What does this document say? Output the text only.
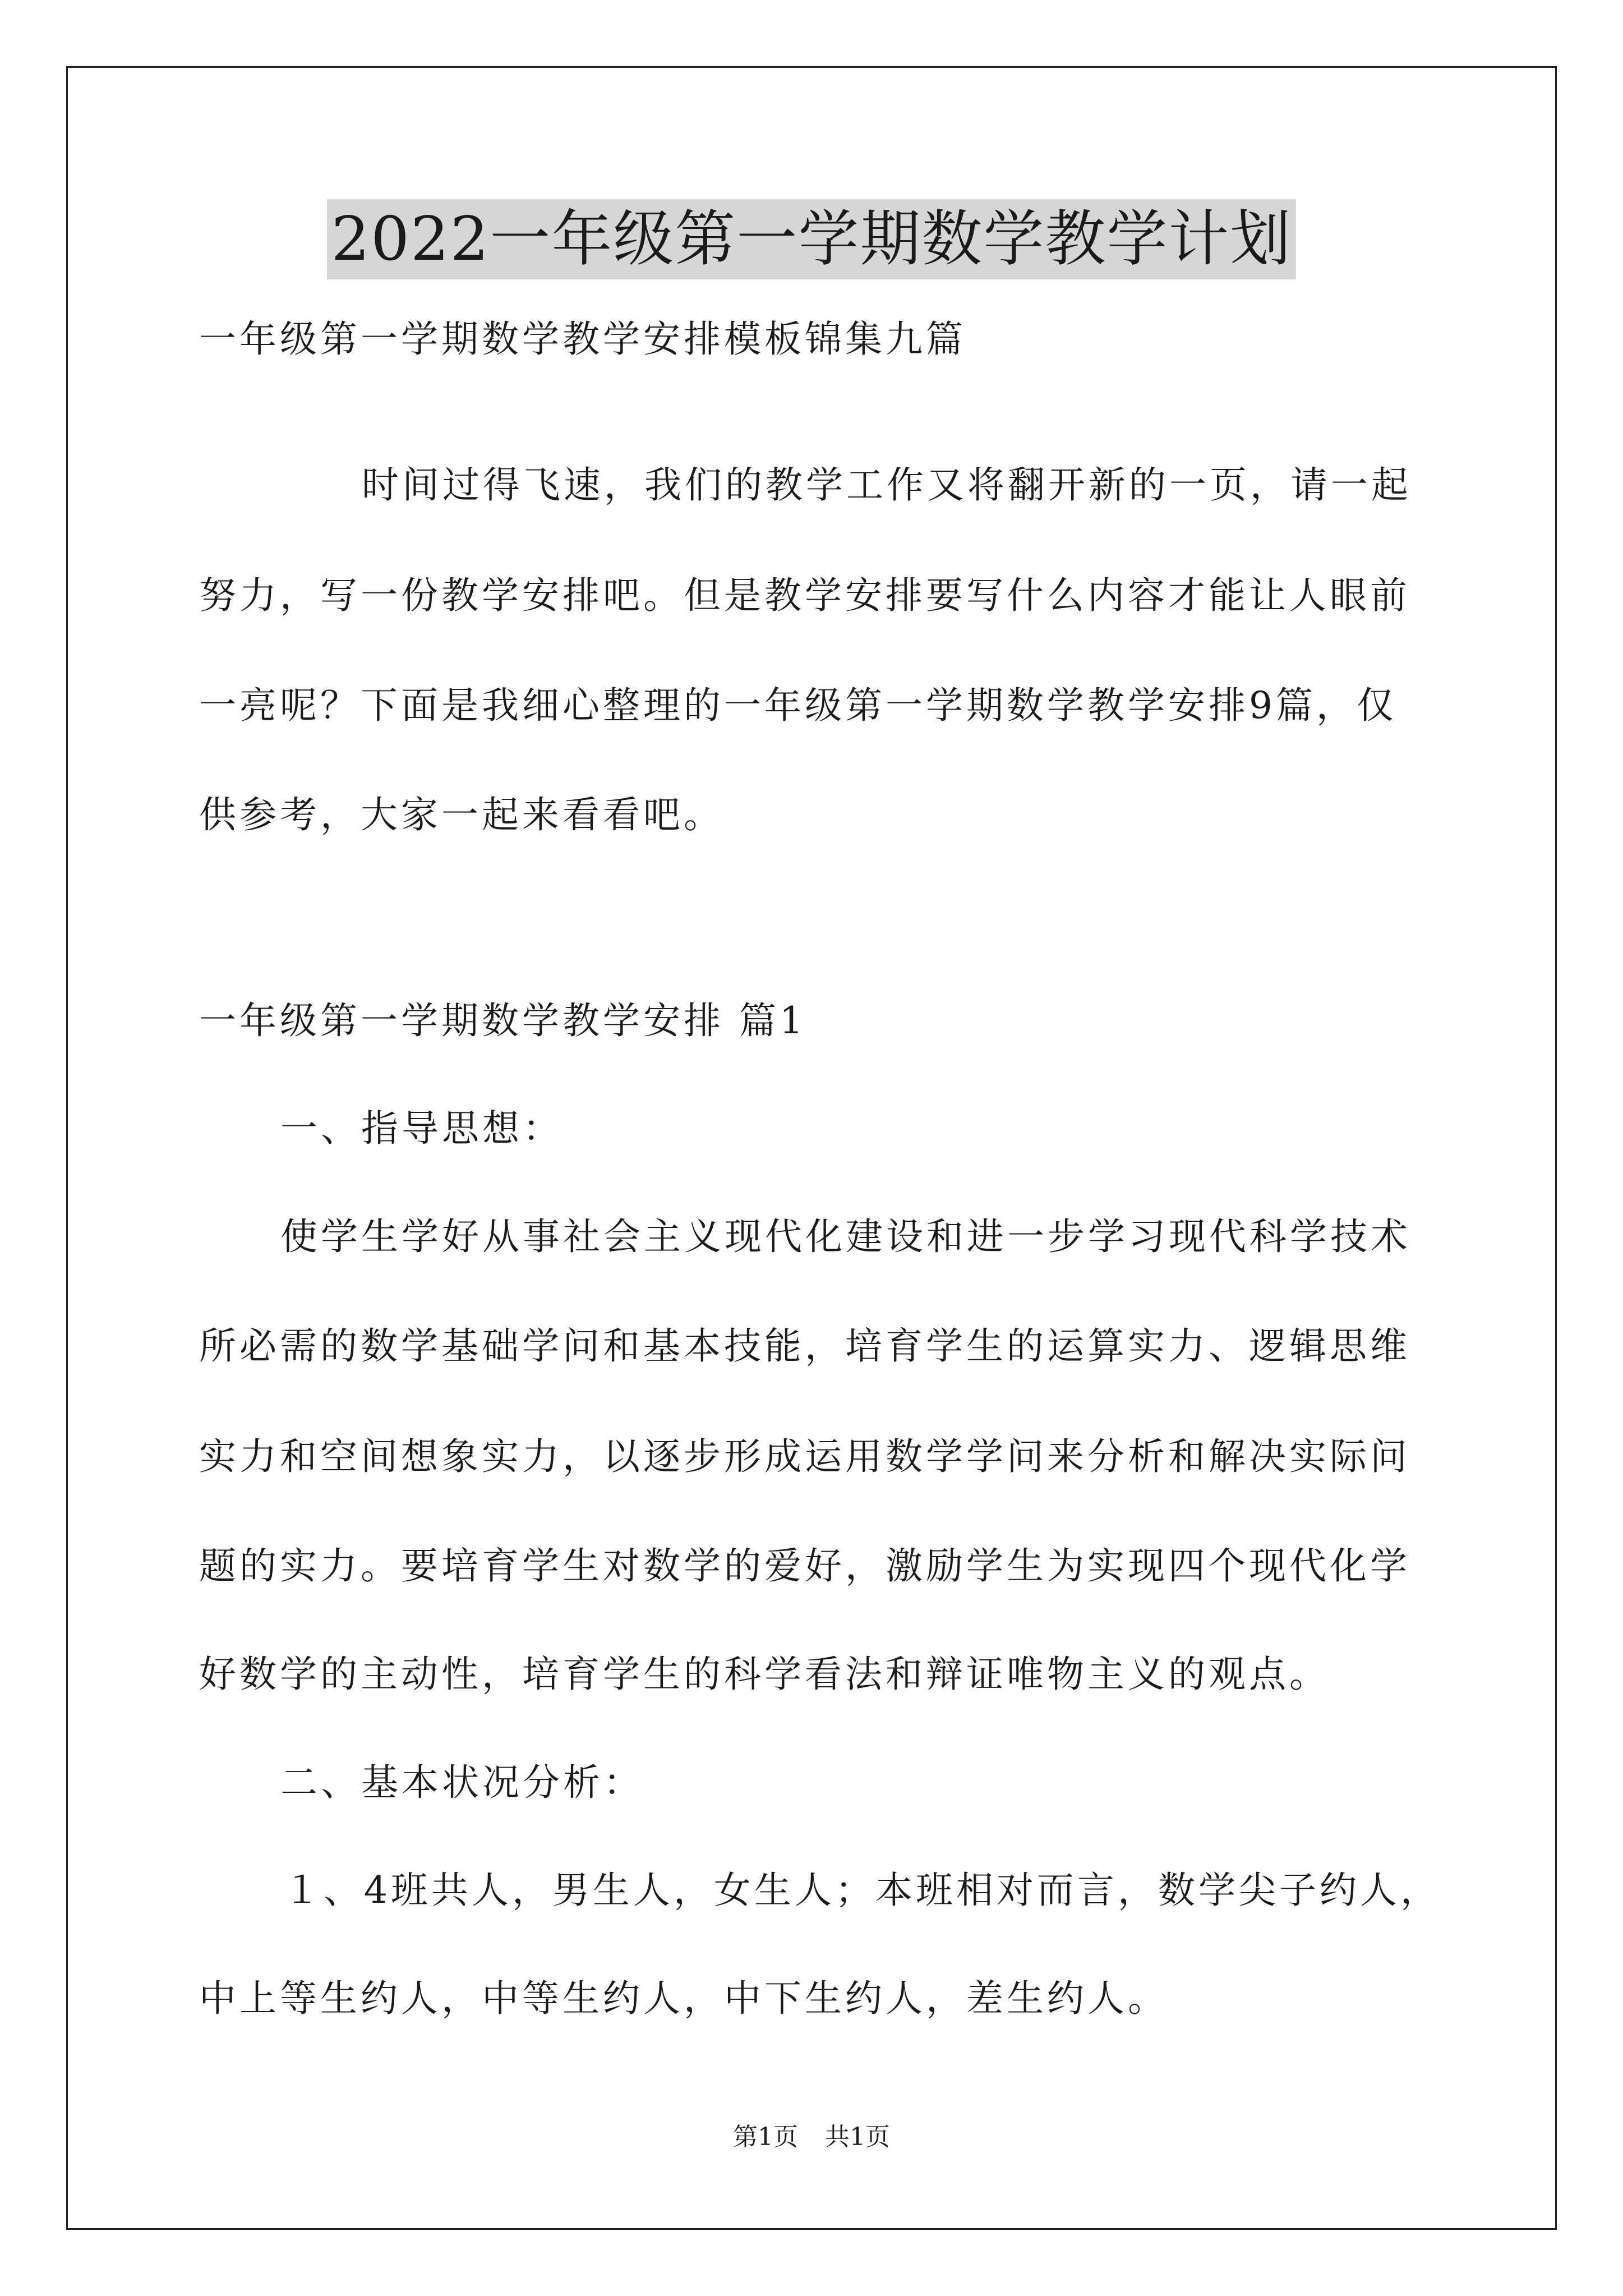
2022一年级第一学期数学教学计划
一年级第一学期数学教学安排模板锦集九篇
时间过得飞速，我们的教学工作又将翻开新的一页，请一起
努力，写一份教学安排吧。但是教学安排要写什么内容才能让人眼前
一亮呢？下面是我细心整理的一年级第一学期数学教学安排9篇，仅
供参考，大家一起来看看吧。
一年级第一学期数学教学安排 篇1
一、指导思想：
使学生学好从事社会主义现代化建设和进一步学习现代科学技术
所必需的数学基础学问和基本技能，培育学生的运算实力、逻辑思维
实力和空间想象实力，以逐步形成运用数学学问来分析和解决实际问
题的实力。要培育学生对数学的爱好，激励学生为实现四个现代化学
好数学的主动性，培育学生的科学看法和辩证唯物主义的观点。
二、基本状况分析：
１、4班共人，男生人，女生人；本班相对而言，数学尖子约人，
中上等生约人，中等生约人，中下生约人，差生约人。
第1页 共1页
